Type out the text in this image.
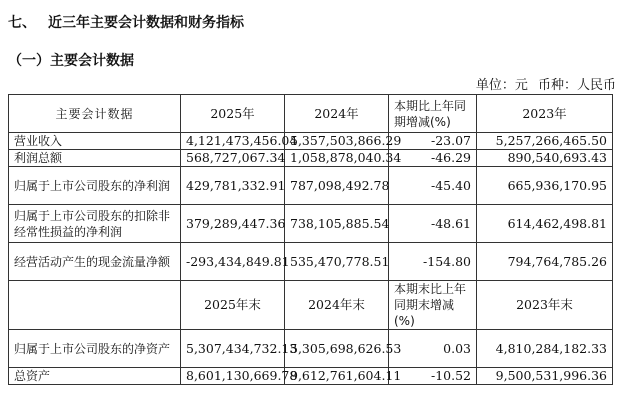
七、 近三年主要会计数据和财务指标
（一）主要会计数据
单位：元 币种：人民币
主要会计数据	2025年	2024年	本期比上年同期增减(%)	2023年
营业收入	4,121,473,456.04	5,357,503,866.29	-23.07	5,257,266,465.50
利润总额	568,727,067.34	1,058,878,040.34	-46.29	890,540,693.43
归属于上市公司股东的净利润	429,781,332.91	787,098,492.78	-45.40	665,936,170.95
归属于上市公司股东的扣除非经常性损益的净利润	379,289,447.36	738,105,885.54	-48.61	614,462,498.81
经营活动产生的现金流量净额	-293,434,849.81	535,470,778.51	-154.80	794,764,785.26
	2025年末	2024年末	本期末比上年同期末增减(%)	2023年末
归属于上市公司股东的净资产	5,307,434,732.13	5,305,698,626.53	0.03	4,810,284,182.33
总资产	8,601,130,669.78	9,612,761,604.11	-10.52	9,500,531,996.36
